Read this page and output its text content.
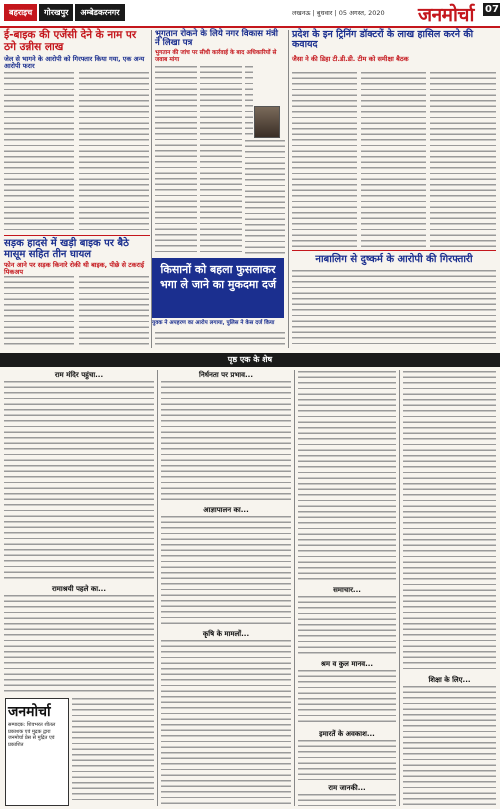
बहराइच	गोरखपुर	अम्बेडकरनगर	लखनऊ | बुधवार | 05 अगस्त, 2020 जनमोर्चा 07
ई-बाइक की एजेंसी देने के नाम पर ठगे उन्नीस लाख
जेल से भागने के आरोपी को गिरफ्तार किया गया, एक अन्य आरोपी फरार
सड़क हादसे में खड़ी बाइक पर बैठे मासूम सहित तीन घायल
फोन आने पर सड़क किनारे रोकी थी बाइक, पीछे से टकराई पिकअप
भूगतान रोकने के लिये नगर विकास मंत्री ने लिखा पत्र
भुगतान की जांच पर सीधी कार्रवाई के बाद अधिकारियों से जवाब मांगा
किसानों को बहला फुसलाकर भगा ले जाने का मुकदमा दर्ज
युवक ने अपहरण का आरोप लगाया, पुलिस ने केस दर्ज किया
प्रदेश के इन ट्रिनिंग डॉक्टरों के लाख हासिल करने की कवायद
जैसा ने की डिहा टी.डी.डी. टीम को समीक्षा बैठक
नाबालिग से दुष्कर्म के आरोपी की गिरफ्तारी
पृष्ठ एक के शेष
राम मंदिर पहुंचा...
रामाश्रयी पहले का...
निर्धनता पर प्रभाव...
आज्ञापालन का...
कृषि के मामलों...
समाचार...
श्रम व कुल मानव...
इमारतें के अवकाश...
राम जानकी...
शिक्षा के लिए...
जनमोर्चा
सम्पादक: शिवभरत शीतल प्रकाशक एवं मुद्रक द्वारा जनमोर्चा प्रेस से मुद्रित एवं प्रकाशित
